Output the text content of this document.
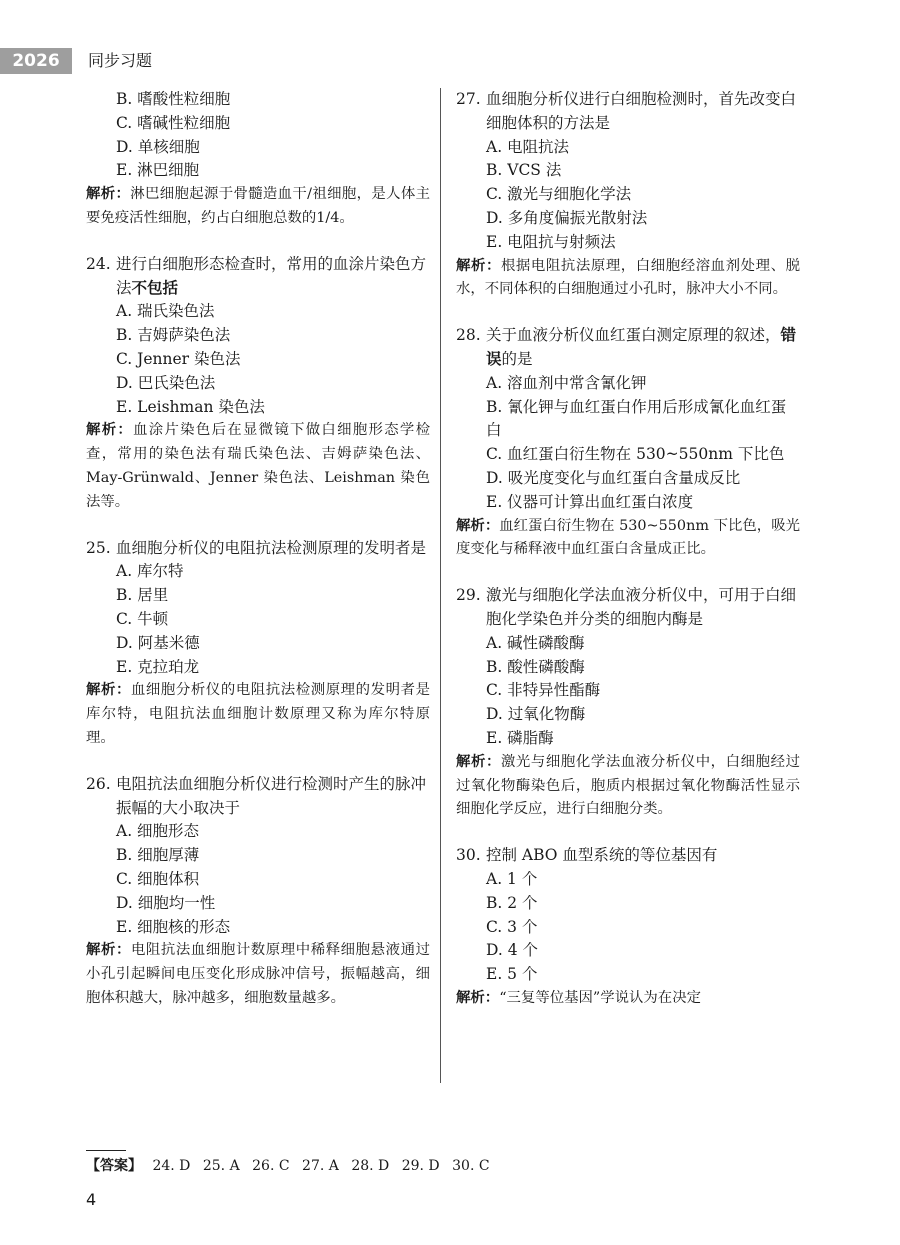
2026	同步习题
B. 嗜酸性粒细胞
C. 嗜碱性粒细胞
D. 单核细胞
E. 淋巴细胞
解析：淋巴细胞起源于骨髓造血干/祖细胞，是人体主要免疫活性细胞，约占白细胞总数的1/4。
24. 进行白细胞形态检查时，常用的血涂片染色方法不包括
A. 瑞氏染色法
B. 吉姆萨染色法
C. Jenner 染色法
D. 巴氏染色法
E. Leishman 染色法
解析：血涂片染色后在显微镜下做白细胞形态学检查，常用的染色法有瑞氏染色法、吉姆萨染色法、May-Grünwald、Jenner 染色法、Leishman 染色法等。
25. 血细胞分析仪的电阻抗法检测原理的发明者是
A. 库尔特
B. 居里
C. 牛顿
D. 阿基米德
E. 克拉珀龙
解析：血细胞分析仪的电阻抗法检测原理的发明者是库尔特，电阻抗法血细胞计数原理又称为库尔特原理。
26. 电阻抗法血细胞分析仪进行检测时产生的脉冲振幅的大小取决于
A. 细胞形态
B. 细胞厚薄
C. 细胞体积
D. 细胞均一性
E. 细胞核的形态
解析：电阻抗法血细胞计数原理中稀释细胞悬液通过小孔引起瞬间电压变化形成脉冲信号，振幅越高，细胞体积越大，脉冲越多，细胞数量越多。
27. 血细胞分析仪进行白细胞检测时，首先改变白细胞体积的方法是
A. 电阻抗法
B. VCS 法
C. 激光与细胞化学法
D. 多角度偏振光散射法
E. 电阻抗与射频法
解析：根据电阻抗法原理，白细胞经溶血剂处理、脱水，不同体积的白细胞通过小孔时，脉冲大小不同。
28. 关于血液分析仪血红蛋白测定原理的叙述，错误的是
A. 溶血剂中常含氰化钾
B. 氰化钾与血红蛋白作用后形成氰化血红蛋白
C. 血红蛋白衍生物在 530~550nm 下比色
D. 吸光度变化与血红蛋白含量成反比
E. 仪器可计算出血红蛋白浓度
解析：血红蛋白衍生物在 530~550nm 下比色，吸光度变化与稀释液中血红蛋白含量成正比。
29. 激光与细胞化学法血液分析仪中，可用于白细胞化学染色并分类的细胞内酶是
A. 碱性磷酸酶
B. 酸性磷酸酶
C. 非特异性酯酶
D. 过氧化物酶
E. 磷脂酶
解析：激光与细胞化学法血液分析仪中，白细胞经过过氧化物酶染色后，胞质内根据过氧化物酶活性显示细胞化学反应，进行白细胞分类。
30. 控制 ABO 血型系统的等位基因有
A. 1 个
B. 2 个
C. 3 个
D. 4 个
E. 5 个
解析：“三复等位基因”学说认为在决定
【答案】 24. D 25. A 26. C 27. A 28. D 29. D 30. C
4
